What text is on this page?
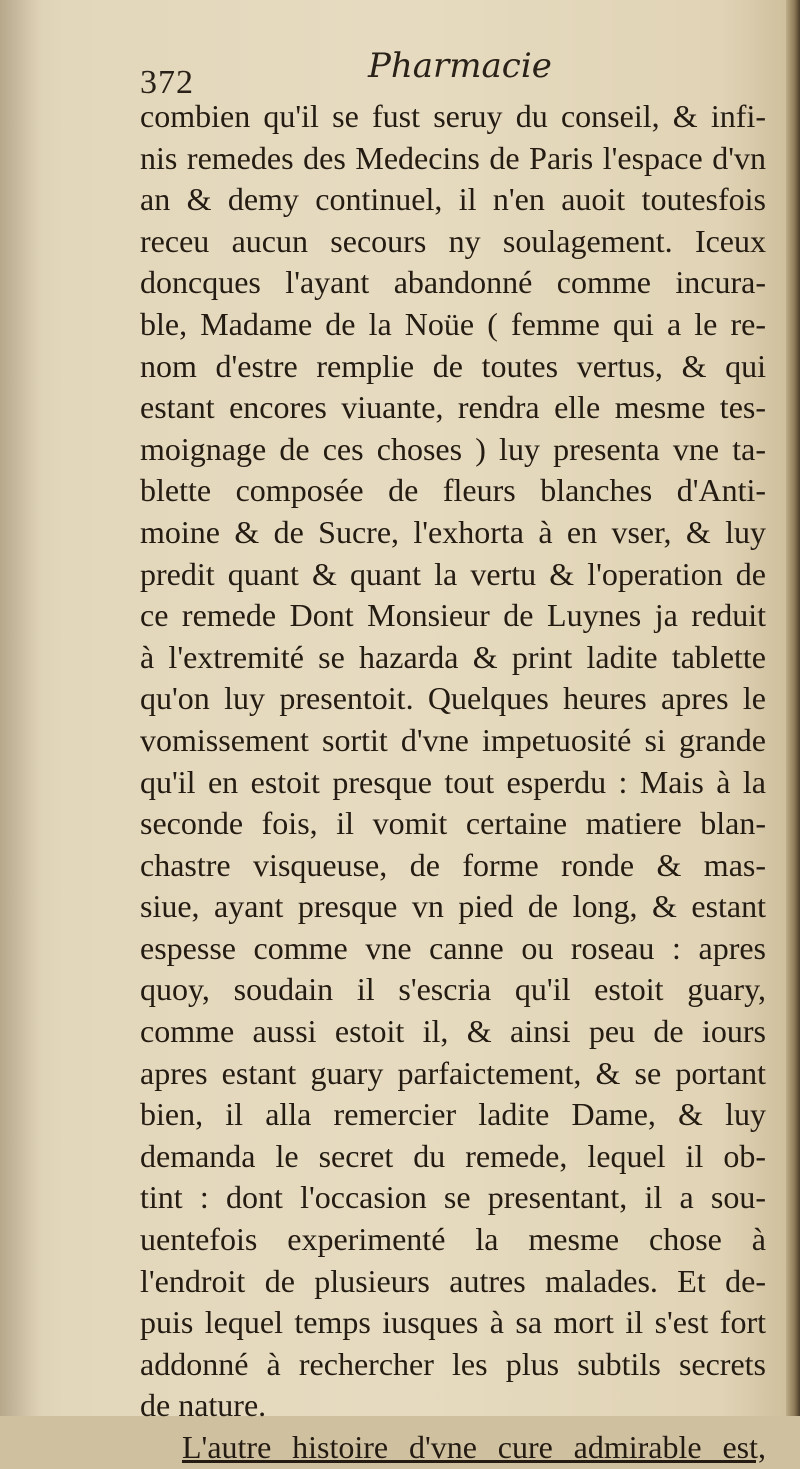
372	Pharmacie
combien qu'il se fust seruy du conseil, & infi-
nis remedes des Medecins de Paris l'espace d'vn
an & demy continuel, il n'en auoit toutesfois
receu aucun secours ny soulagement. Iceux
doncques l'ayant abandonné comme incura-
ble, Madame de la Noüe ( femme qui a le re-
nom d'estre remplie de toutes vertus, & qui
estant encores viuante, rendra elle mesme tes-
moignage de ces choses ) luy presenta vne ta-
blette composée de fleurs blanches d'Anti-
moine & de Sucre, l'exhorta à en vser, & luy
predit quant & quant la vertu & l'operation de
ce remede Dont Monsieur de Luynes ja reduit
à l'extremité se hazarda & print ladite tablette
qu'on luy presentoit. Quelques heures apres le
vomissement sortit d'vne impetuosité si grande
qu'il en estoit presque tout esperdu : Mais à la
seconde fois, il vomit certaine matiere blan-
chastre visqueuse, de forme ronde & mas-
siue, ayant presque vn pied de long, & estant
espesse comme vne canne ou roseau : apres
quoy, soudain il s'escria qu'il estoit guary,
comme aussi estoit il, & ainsi peu de iours
apres estant guary parfaictement, & se portant
bien, il alla remercier ladite Dame, & luy
demanda le secret du remede, lequel il ob-
tint : dont l'occasion se presentant, il a sou-
uentefois experimenté la mesme chose à
l'endroit de plusieurs autres malades. Et de-
puis lequel temps iusques à sa mort il s'est fort
addonné à rechercher les plus subtils secrets
de nature.
L'autre histoire d'vne cure admirable est,
